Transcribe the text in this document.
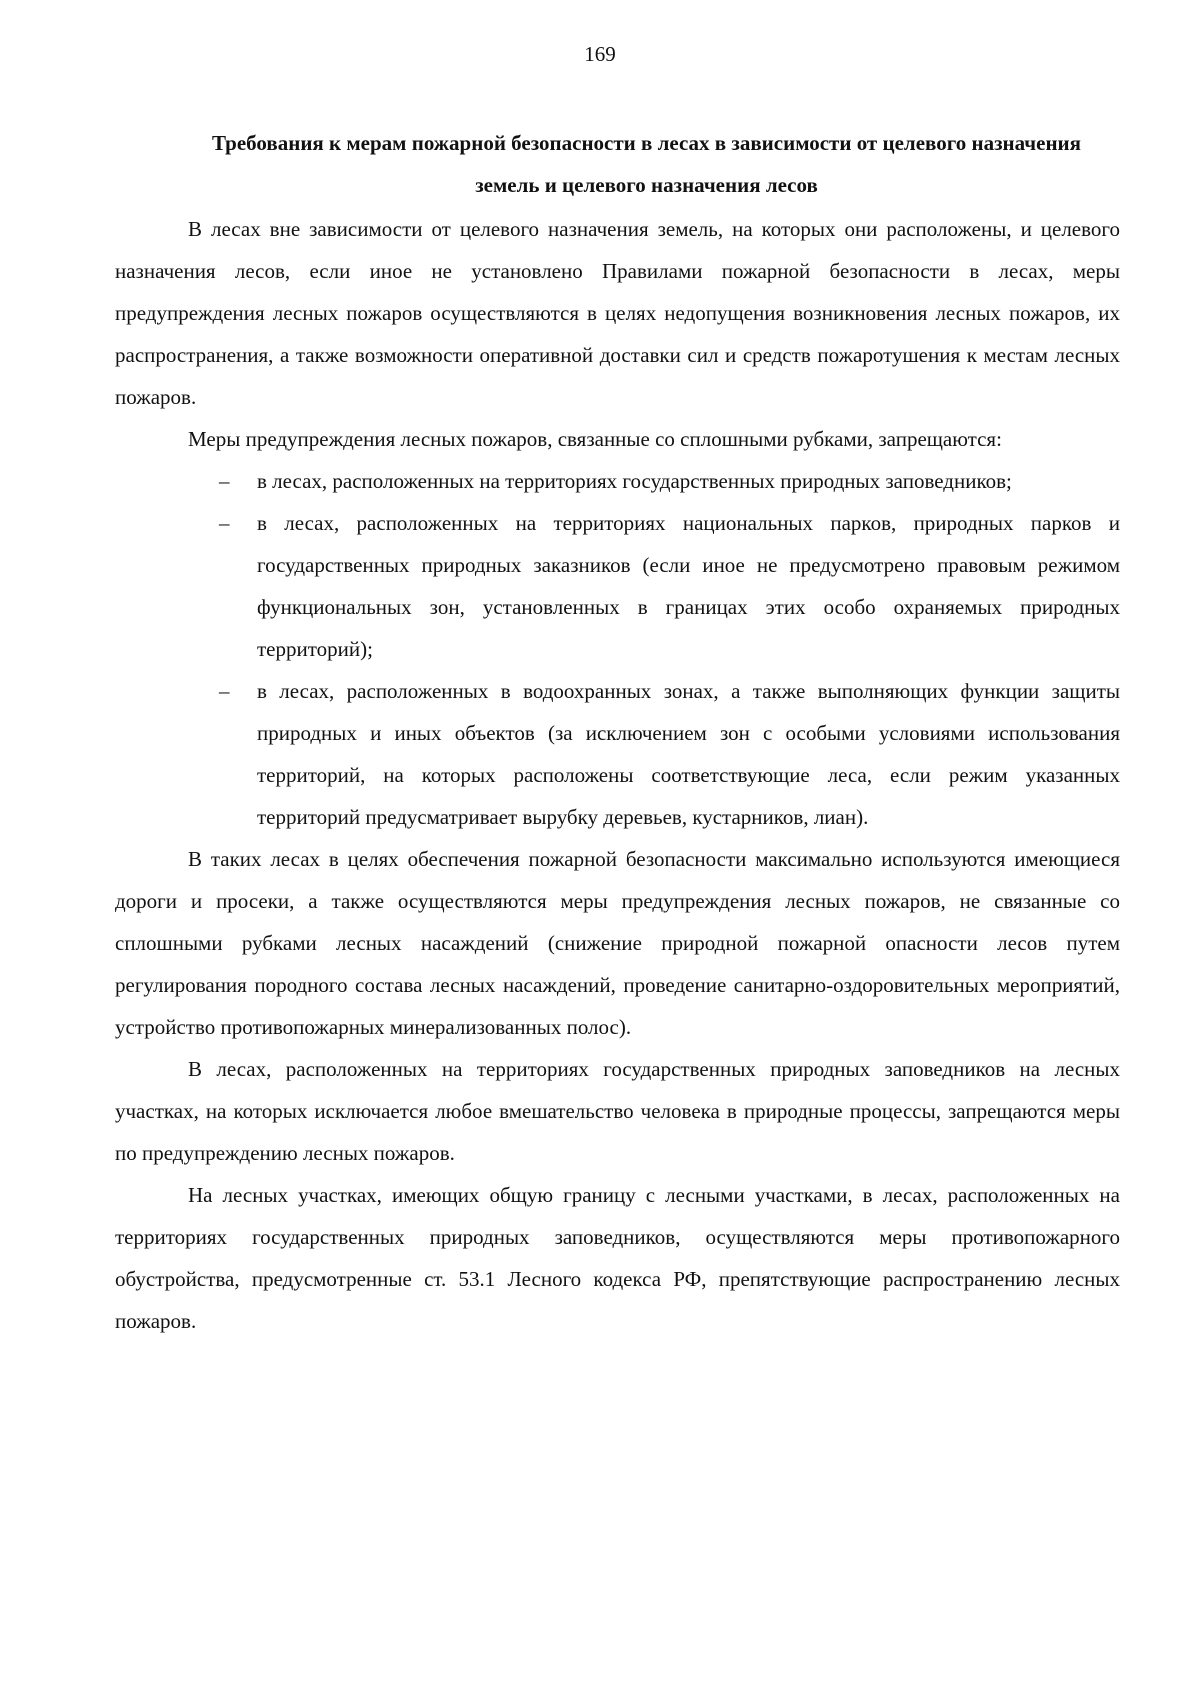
169
Требования к мерам пожарной безопасности в лесах в зависимости от целевого назначения земель и целевого назначения лесов

В лесах вне зависимости от целевого назначения земель, на которых они расположены, и целевого назначения лесов, если иное не установлено Правилами пожарной безопасности в лесах, меры предупреждения лесных пожаров осуществляются в целях недопущения возникновения лесных пожаров, их распространения, а также возможности оперативной доставки сил и средств пожаротушения к местам лесных пожаров.

Меры предупреждения лесных пожаров, связанные со сплошными рубками, запрещаются:

– в лесах, расположенных на территориях государственных природных заповедников;
– в лесах, расположенных на территориях национальных парков, природных парков и государственных природных заказников (если иное не предусмотрено правовым режимом функциональных зон, установленных в границах этих особо охраняемых природных территорий);
– в лесах, расположенных в водоохранных зонах, а также выполняющих функции защиты природных и иных объектов (за исключением зон с особыми условиями использования территорий, на которых расположены соответствующие леса, если режим указанных территорий предусматривает вырубку деревьев, кустарников, лиан).

В таких лесах в целях обеспечения пожарной безопасности максимально используются имеющиеся дороги и просеки, а также осуществляются меры предупреждения лесных пожаров, не связанные со сплошными рубками лесных насаждений (снижение природной пожарной опасности лесов путем регулирования породного состава лесных насаждений, проведение санитарно-оздоровительных мероприятий, устройство противопожарных минерализованных полос).

В лесах, расположенных на территориях государственных природных заповедников на лесных участках, на которых исключается любое вмешательство человека в природные процессы, запрещаются меры по предупреждению лесных пожаров.

На лесных участках, имеющих общую границу с лесными участками, в лесах, расположенных на территориях государственных природных заповедников, осуществляются меры противопожарного обустройства, предусмотренные ст. 53.1 Лесного кодекса РФ, препятствующие распространению лесных пожаров.
